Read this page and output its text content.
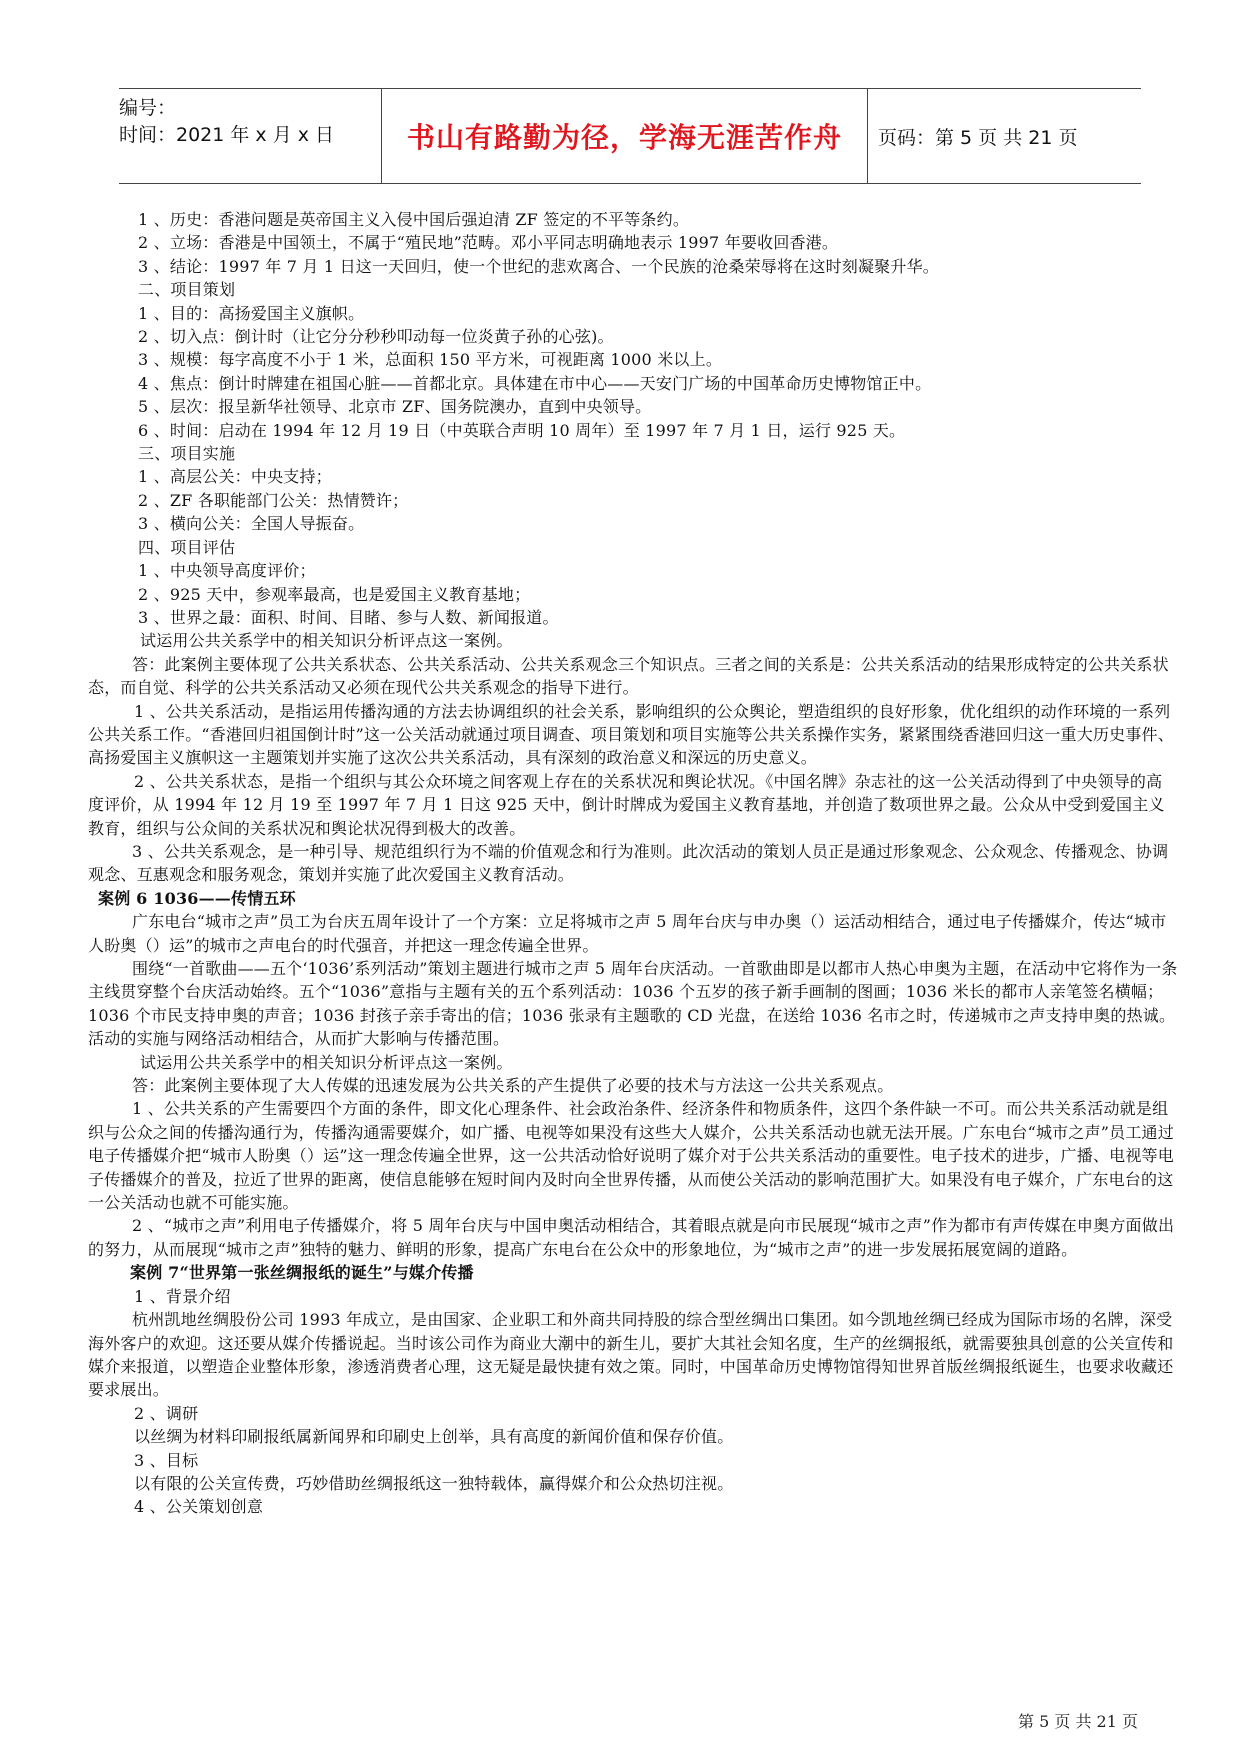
编号：
时间：2021 年 x 月 x 日	书山有路勤为径，学海无涯苦作舟	页码：第 5 页 共 21 页

1 、历史：香港问题是英帝国主义入侵中国后强迫清 ZF 签定的不平等条约。

2 、立场：香港是中国领土，不属于“殖民地”范畴。邓小平同志明确地表示 1997 年要收回香港。

3 、结论：1997 年 7 月 1 日这一天回归，使一个世纪的悲欢离合、一个民族的沧桑荣辱将在这时刻凝聚升华。

二、项目策划

1 、目的：高扬爱国主义旗帜。

2 、切入点：倒计时（让它分分秒秒叩动每一位炎黄子孙的心弦)。

3 、规模：每字高度不小于 1 米，总面积 150 平方米，可视距离 1000 米以上。

4 、焦点：倒计时牌建在祖国心脏——首都北京。具体建在市中心——天安门广场的中国革命历史博物馆正中。

5 、层次：报呈新华社领导、北京市 ZF、国务院澳办，直到中央领导。

6 、时间：启动在 1994 年 12 月 19 日（中英联合声明 10 周年）至 1997 年 7 月 1 日，运行 925 天。

三、项目实施

1 、高层公关：中央支持；

2 、ZF 各职能部门公关：热情赞许；

3 、横向公关：全国人导振奋。

四、项目评估

1 、中央领导高度评价；

2 、925 天中，参观率最高，也是爱国主义教育基地；

3 、世界之最：面积、时间、目睹、参与人数、新闻报道。

试运用公共关系学中的相关知识分析评点这一案例。

答：此案例主要体现了公共关系状态、公共关系活动、公共关系观念三个知识点。三者之间的关系是：公共关系活动的结果形成特定的公共关系状态，而自觉、科学的公共关系活动又必须在现代公共关系观念的指导下进行。

1 、公共关系活动，是指运用传播沟通的方法去协调组织的社会关系，影响组织的公众舆论，塑造组织的良好形象，优化组织的动作环境的一系列公共关系工作。“香港回归祖国倒计时”这一公关活动就通过项目调查、项目策划和项目实施等公共关系操作实务，紧紧围绕香港回归这一重大历史事件、高扬爱国主义旗帜这一主题策划并实施了这次公共关系活动，具有深刻的政治意义和深远的历史意义。

2 、公共关系状态，是指一个组织与其公众环境之间客观上存在的关系状况和舆论状况。《中国名牌》杂志社的这一公关活动得到了中央领导的高度评价，从 1994 年 12 月 19 至 1997 年 7 月 1 日这 925 天中，倒计时牌成为爱国主义教育基地，并创造了数项世界之最。公众从中受到爱国主义教育，组织与公众间的关系状况和舆论状况得到极大的改善。

3 、公共关系观念，是一种引导、规范组织行为不端的价值观念和行为准则。此次活动的策划人员正是通过形象观念、公众观念、传播观念、协调观念、互惠观念和服务观念，策划并实施了此次爱国主义教育活动。

案例 6 1036——传情五环

广东电台“城市之声”员工为台庆五周年设计了一个方案：立足将城市之声 5 周年台庆与申办奥（）运活动相结合，通过电子传播媒介，传达“城市人盼奥（）运”的城市之声电台的时代强音，并把这一理念传遍全世界。

围绕“一首歌曲——五个‘1036’系列活动”策划主题进行城市之声 5 周年台庆活动。一首歌曲即是以都市人热心申奥为主题，在活动中它将作为一条主线贯穿整个台庆活动始终。五个“1036”意指与主题有关的五个系列活动：1036 个五岁的孩子新手画制的图画；1036 米长的都市人亲笔签名横幅；1036 个市民支持申奥的声音；1036 封孩子亲手寄出的信；1036 张录有主题歌的 CD 光盘，在送给 1036 名市之时，传递城市之声支持申奥的热诚。活动的实施与网络活动相结合，从而扩大影响与传播范围。

试运用公共关系学中的相关知识分析评点这一案例。

答：此案例主要体现了大人传媒的迅速发展为公共关系的产生提供了必要的技术与方法这一公共关系观点。

1 、公共关系的产生需要四个方面的条件，即文化心理条件、社会政治条件、经济条件和物质条件，这四个条件缺一不可。而公共关系活动就是组织与公众之间的传播沟通行为，传播沟通需要媒介，如广播、电视等如果没有这些大人媒介，公共关系活动也就无法开展。广东电台“城市之声”员工通过电子传播媒介把“城市人盼奥（）运”这一理念传遍全世界，这一公共活动恰好说明了媒介对于公共关系活动的重要性。电子技术的进步，广播、电视等电子传播媒介的普及，拉近了世界的距离，使信息能够在短时间内及时向全世界传播，从而使公关活动的影响范围扩大。如果没有电子媒介，广东电台的这一公关活动也就不可能实施。

2 、“城市之声”利用电子传播媒介，将 5 周年台庆与中国申奥活动相结合，其着眼点就是向市民展现“城市之声”作为都市有声传媒在申奥方面做出的努力，从而展现“城市之声”独特的魅力、鲜明的形象，提高广东电台在公众中的形象地位，为“城市之声”的进一步发展拓展宽阔的道路。

案例 7“世界第一张丝绸报纸的诞生”与媒介传播

1 、背景介绍

杭州凯地丝绸股份公司 1993 年成立，是由国家、企业职工和外商共同持股的综合型丝绸出口集团。如今凯地丝绸已经成为国际市场的名牌，深受海外客户的欢迎。这还要从媒介传播说起。当时该公司作为商业大潮中的新生儿，要扩大其社会知名度，生产的丝绸报纸，就需要独具创意的公关宣传和媒介来报道，以塑造企业整体形象，渗透消费者心理，这无疑是最快捷有效之策。同时，中国革命历史博物馆得知世界首版丝绸报纸诞生，也要求收藏还要求展出。

2 、调研

以丝绸为材料印刷报纸属新闻界和印刷史上创举，具有高度的新闻价值和保存价值。

3 、目标

以有限的公关宣传费，巧妙借助丝绸报纸这一独特载体，赢得媒介和公众热切注视。

4 、公关策划创意

第 5 页 共 21 页
